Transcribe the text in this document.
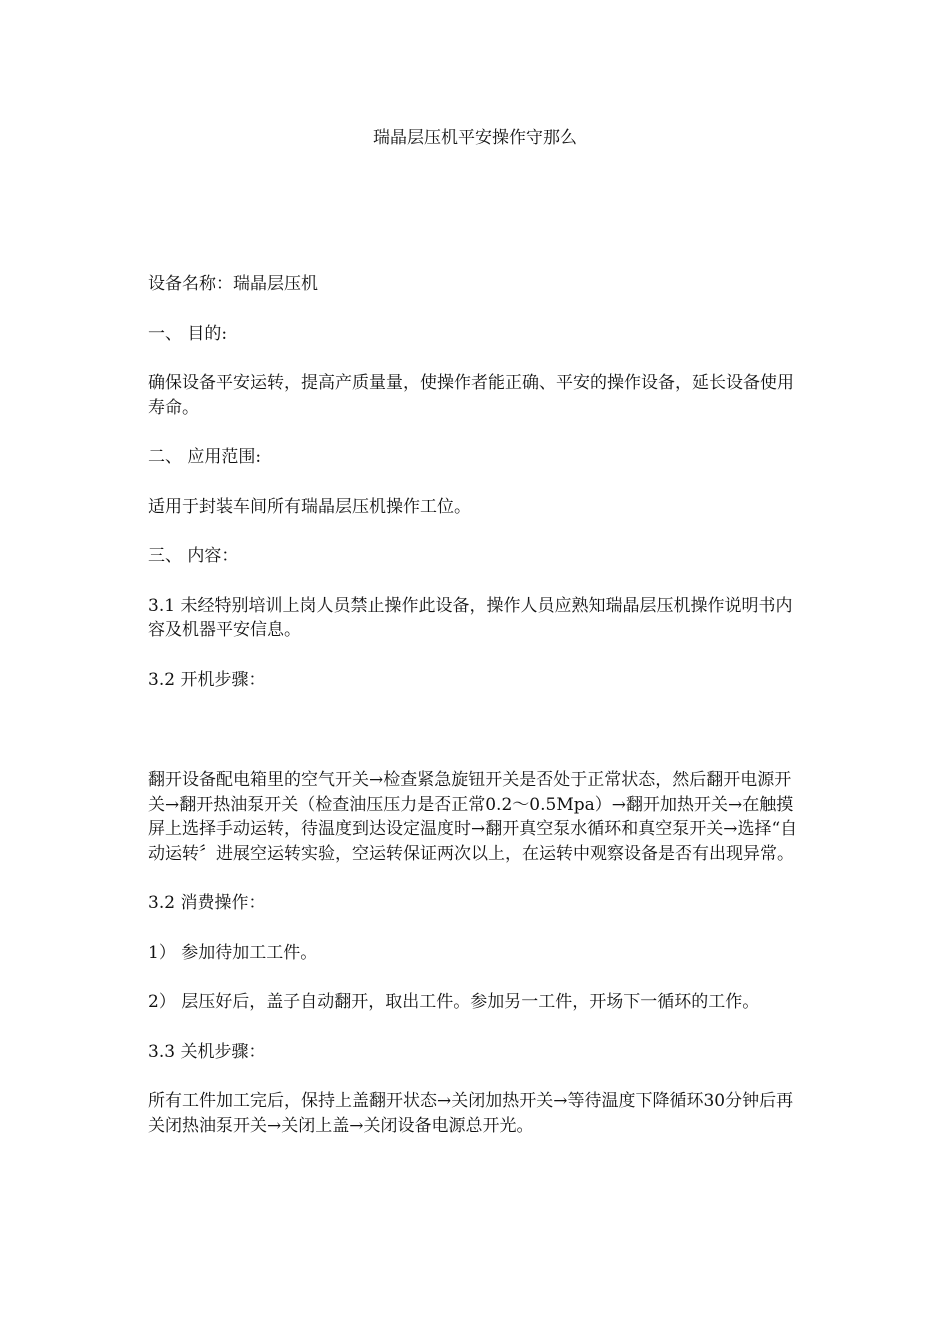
瑞晶层压机平安操作守那么

设备名称：瑞晶层压机

一、 目的:

确保设备平安运转，提高产质量量，使操作者能正确、平安的操作设备，延长设备使用寿命。

二、 应用范围:

适用于封装车间所有瑞晶层压机操作工位。

三、 内容：

3.1 未经特别培训上岗人员禁止操作此设备，操作人员应熟知瑞晶层压机操作说明书内容及机器平安信息。

3.2 开机步骤：

翻开设备配电箱里的空气开关→检查紧急旋钮开关是否处于正常状态，然后翻开电源开关→翻开热油泵开关（检查油压压力是否正常0.2～0.5Mpa）→翻开加热开关→在触摸屏上选择手动运转，待温度到达设定温度时→翻开真空泵水循环和真空泵开关→选择“自动运转〞进展空运转实验，空运转保证两次以上，在运转中观察设备是否有出现异常。

3.2 消费操作：

1） 参加待加工工件。

2） 层压好后，盖子自动翻开，取出工件。参加另一工件，开场下一循环的工作。

3.3 关机步骤：

所有工件加工完后，保持上盖翻开状态→关闭加热开关→等待温度下降循环30分钟后再关闭热油泵开关→关闭上盖→关闭设备电源总开光。
